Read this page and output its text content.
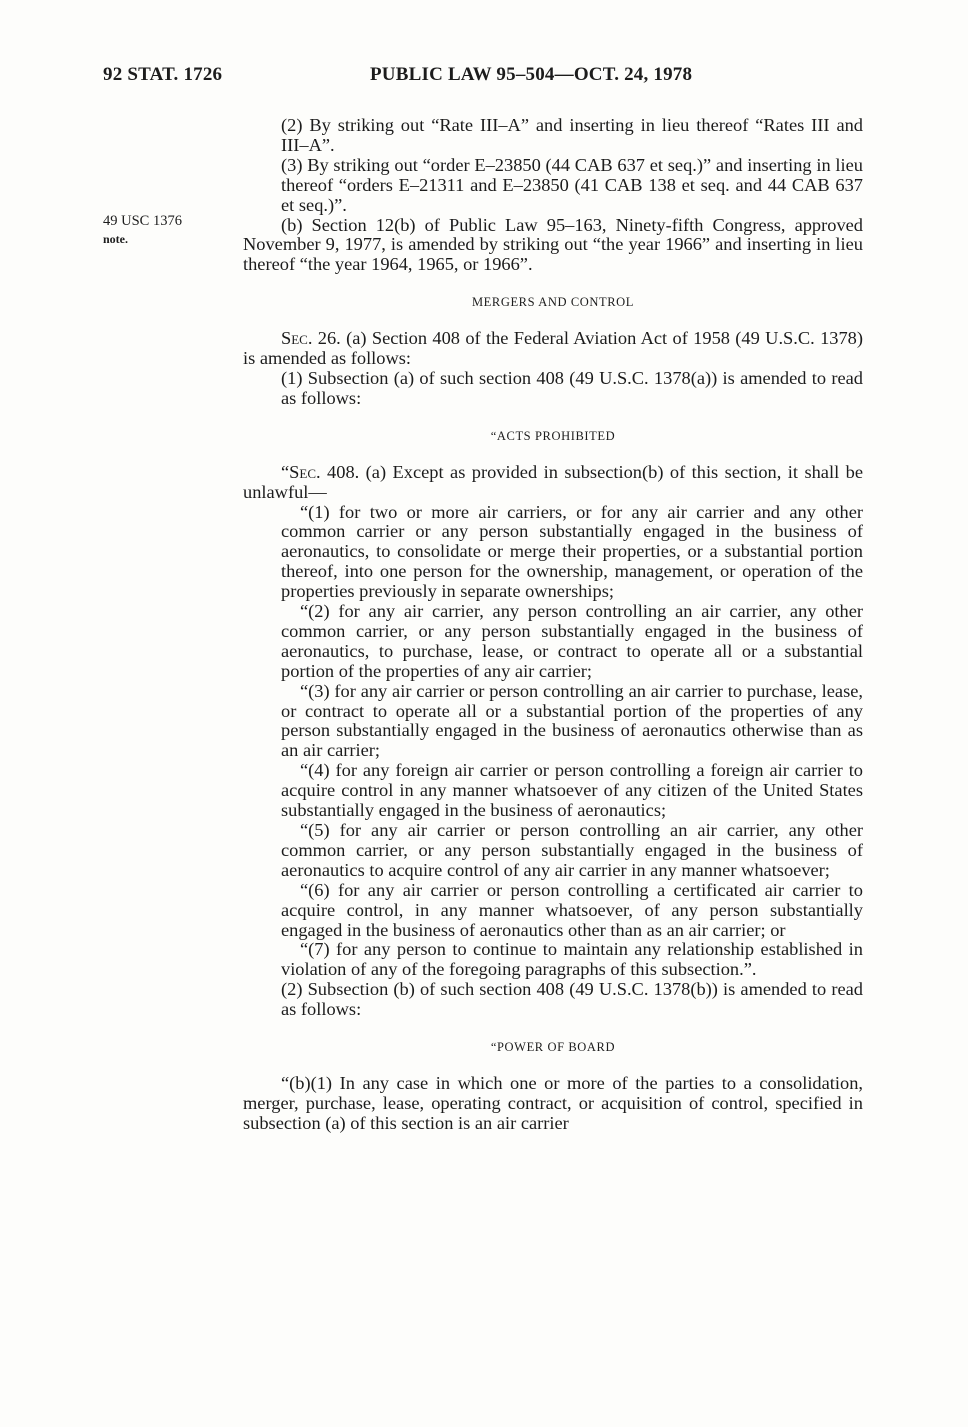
92 STAT. 1726	PUBLIC LAW 95–504—OCT. 24, 1978
49 USC 1376
note.

(2) By striking out “Rate III–A” and inserting in lieu thereof “Rates III and III–A”.

(3) By striking out “order E–23850 (44 CAB 637 et seq.)” and inserting in lieu thereof “orders E–21311 and E–23850 (41 CAB 138 et seq. and 44 CAB 637 et seq.)”.

(b) Section 12(b) of Public Law 95–163, Ninety-fifth Congress, approved November 9, 1977, is amended by striking out “the year 1966” and inserting in lieu thereof “the year 1964, 1965, or 1966”.

MERGERS AND CONTROL

Sec. 26. (a) Section 408 of the Federal Aviation Act of 1958 (49 U.S.C. 1378) is amended as follows:

(1) Subsection (a) of such section 408 (49 U.S.C. 1378(a)) is amended to read as follows:

“ACTS PROHIBITED

“Sec. 408. (a) Except as provided in subsection(b) of this section, it shall be unlawful—

“(1) for two or more air carriers, or for any air carrier and any other common carrier or any person substantially engaged in the business of aeronautics, to consolidate or merge their properties, or a substantial portion thereof, into one person for the ownership, management, or operation of the properties previously in separate ownerships;

“(2) for any air carrier, any person controlling an air carrier, any other common carrier, or any person substantially engaged in the business of aeronautics, to purchase, lease, or contract to operate all or a substantial portion of the properties of any air carrier;

“(3) for any air carrier or person controlling an air carrier to purchase, lease, or contract to operate all or a substantial portion of the properties of any person substantially engaged in the business of aeronautics otherwise than as an air carrier;

“(4) for any foreign air carrier or person controlling a foreign air carrier to acquire control in any manner whatsoever of any citizen of the United States substantially engaged in the business of aeronautics;

“(5) for any air carrier or person controlling an air carrier, any other common carrier, or any person substantially engaged in the business of aeronautics to acquire control of any air carrier in any manner whatsoever;

“(6) for any air carrier or person controlling a certificated air carrier to acquire control, in any manner whatsoever, of any person substantially engaged in the business of aeronautics other than as an air carrier; or

“(7) for any person to continue to maintain any relationship established in violation of any of the foregoing paragraphs of this subsection.”.

(2) Subsection (b) of such section 408 (49 U.S.C. 1378(b)) is amended to read as follows:

“POWER OF BOARD

“(b)(1) In any case in which one or more of the parties to a consolidation, merger, purchase, lease, operating contract, or acquisition of control, specified in subsection (a) of this section is an air carrier
